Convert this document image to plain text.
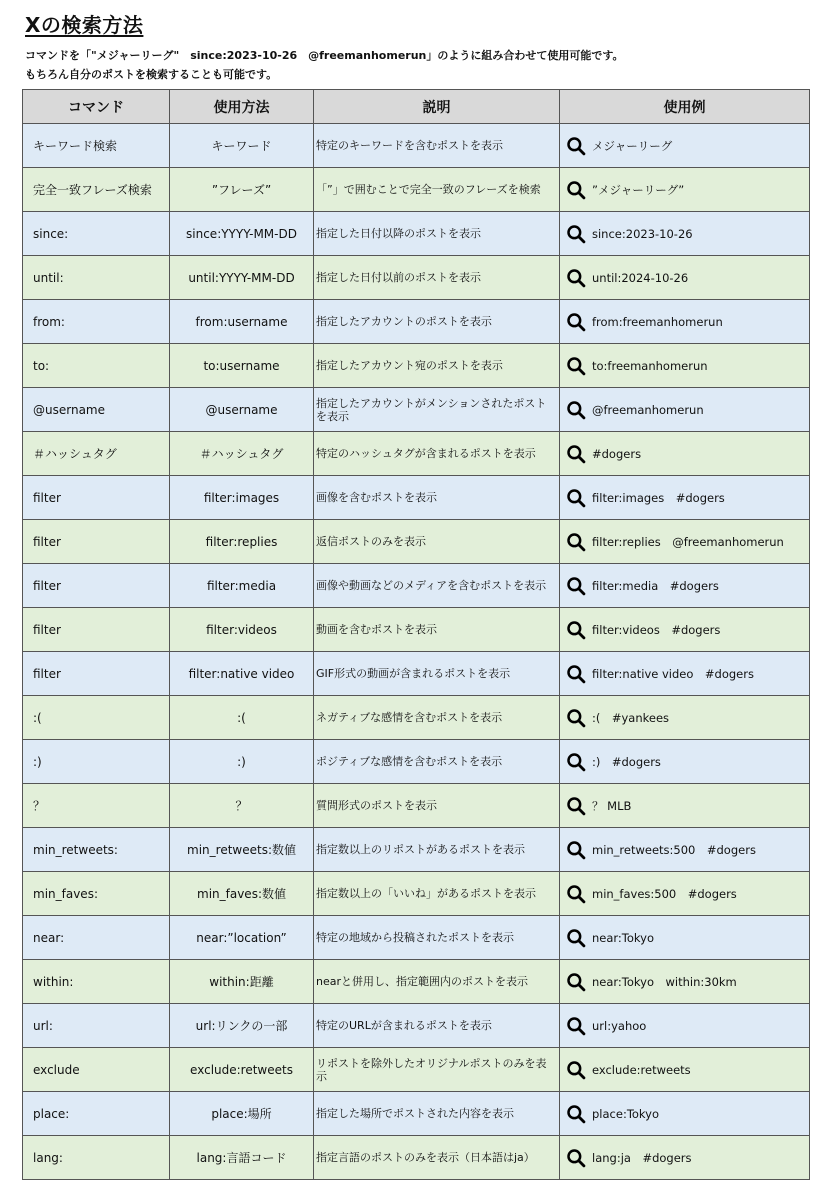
Xの検索方法
コマンドを「"メジャーリーグ"　since:2023-10-26　@freemanhomerun」のように組み合わせて使用可能です。
もちろん自分のポストを検索することも可能です。
コマンド	使用方法	説明	使用例
キーワード検索	キーワード	特定のキーワードを含むポストを表示	メジャーリーグ

完全一致フレーズ検索	”フレーズ”	「”」で囲むことで完全一致のフレーズを検索	”メジャーリーグ”

since:	since:YYYY-MM-DD	指定した日付以降のポストを表示	since:2023-10-26

until:	until:YYYY-MM-DD	指定した日付以前のポストを表示	until:2024-10-26

from:	from:username	指定したアカウントのポストを表示	from:freemanhomerun

to:	to:username	指定したアカウント宛のポストを表示	to:freemanhomerun

@username	@username	指定したアカウントがメンションされたポストを表示	@freemanhomerun

＃ハッシュタグ	＃ハッシュタグ	特定のハッシュタグが含まれるポストを表示	#dogers

filter	filter:images	画像を含むポストを表示	filter:images　#dogers

filter	filter:replies	返信ポストのみを表示	filter:replies　@freemanhomerun

filter	filter:media	画像や動画などのメディアを含むポストを表示	filter:media　#dogers

filter	filter:videos	動画を含むポストを表示	filter:videos　#dogers

filter	filter:native video	GIF形式の動画が含まれるポストを表示	filter:native video　#dogers

:(	:(	ネガティブな感情を含むポストを表示	:(　#yankees

:)	:)	ポジティブな感情を含むポストを表示	:)　#dogers

？	？	質問形式のポストを表示	？ MLB

min_retweets:	min_retweets:数値	指定数以上のリポストがあるポストを表示	min_retweets:500　#dogers

min_faves:	min_faves:数値	指定数以上の「いいね」があるポストを表示	min_faves:500　#dogers

near:	near:”location”	特定の地域から投稿されたポストを表示	near:Tokyo

within:	within:距離	nearと併用し、指定範囲内のポストを表示	near:Tokyo　within:30km

url:	url:リンクの一部	特定のURLが含まれるポストを表示	url:yahoo

exclude	exclude:retweets	リポストを除外したオリジナルポストのみを表示	exclude:retweets

place:	place:場所	指定した場所でポストされた内容を表示	place:Tokyo

lang:	lang:言語コード	指定言語のポストのみを表示（日本語はja）	lang:ja　#dogers
